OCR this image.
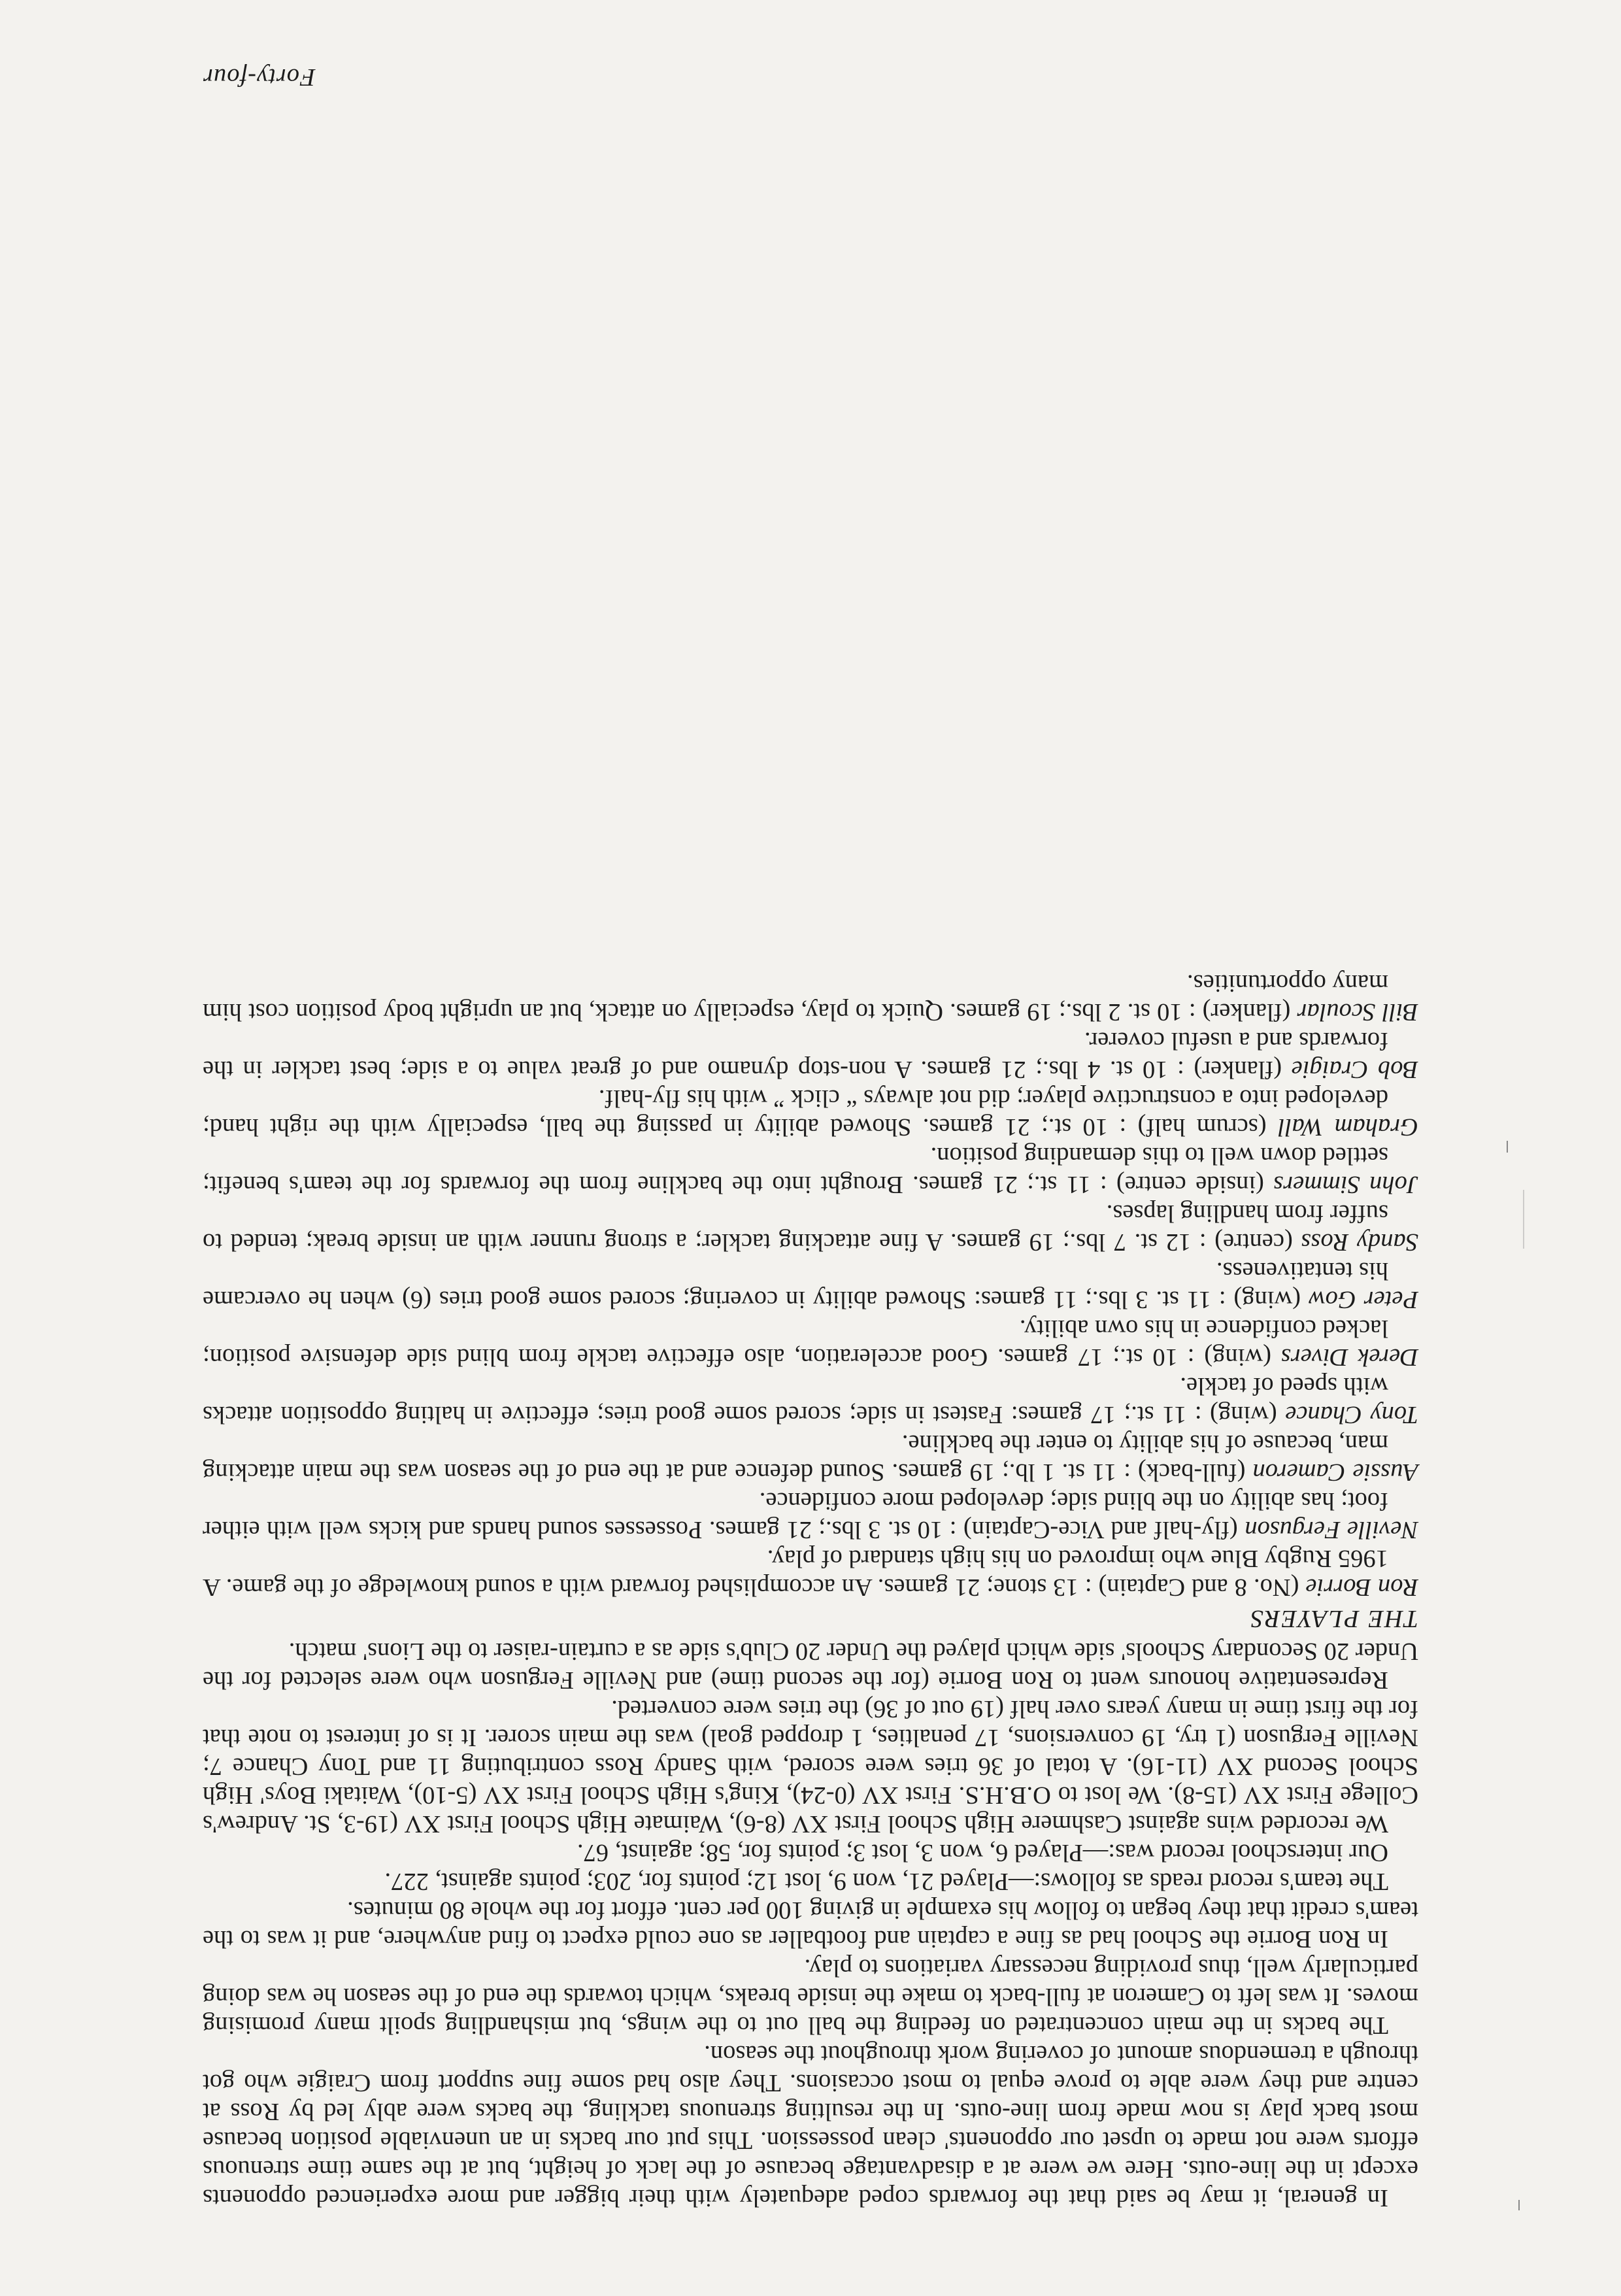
In general, it may be said that the forwards coped adequately with their bigger and more experienced opponents except in the line-outs. Here we were at a disadvantage because of the lack of height, but at the same time strenuous efforts were not made to upset our opponents' clean possession. This put our backs in an unenviable position because most back play is now made from line-outs. In the resulting strenuous tackling, the backs were ably led by Ross at centre and they were able to prove equal to most occasions. They also had some fine support from Craigie who got through a tremendous amount of covering work throughout the season.

The backs in the main concentrated on feeding the ball out to the wings, but mishandling spoilt many promising moves. It was left to Cameron at full-back to make the inside breaks, which towards the end of the season he was doing particularly well, thus providing necessary variations to play.

In Ron Borrie the School had as fine a captain and footballer as one could expect to find anywhere, and it was to the team's credit that they began to follow his example in giving 100 per cent. effort for the whole 80 minutes.

The team's record reads as follows:—Played 21, won 9, lost 12; points for, 203; points against, 227.

Our interschool record was:—Played 6, won 3, lost 3; points for, 58; against, 67.

We recorded wins against Cashmere High School First XV (8-6), Waimate High School First XV (19-3, St. Andrew's College First XV (15-8). We lost to O.B.H.S. First XV (0-24), King's High School First XV (5-10), Waitaki Boys' High School Second XV (11-16). A total of 36 tries were scored, with Sandy Ross contributing 11 and Tony Chance 7; Neville Ferguson (1 try, 19 conversions, 17 penalties, 1 dropped goal) was the main scorer. It is of interest to note that for the first time in many years over half (19 out of 36) the tries were converted.

Representative honours went to Ron Borrie (for the second time) and Neville Ferguson who were selected for the Under 20 Secondary Schools' side which played the Under 20 Club's side as a curtain-raiser to the Lions' match.

THE PLAYERS

Ron Borrie (No. 8 and Captain) : 13 stone; 21 games. An accomplished forward with a sound knowledge of the game. A 1965 Rugby Blue who improved on his high standard of play.

Neville Ferguson (fly-half and Vice-Captain) : 10 st. 3 lbs.; 21 games. Possesses sound hands and kicks well with either foot; has ability on the blind side; developed more confidence.

Aussie Cameron (full-back) : 11 st. 1 lb.; 19 games. Sound defence and at the end of the season was the main attacking man, because of his ability to enter the backline.

Tony Chance (wing) : 11 st.; 17 games: Fastest in side; scored some good tries; effective in halting opposition attacks with speed of tackle.

Derek Divers (wing) : 10 st.; 17 games. Good acceleration, also effective tackle from blind side defensive position; lacked confidence in his own ability.

Peter Gow (wing) : 11 st. 3 lbs.; 11 games: Showed ability in covering; scored some good tries (6) when he overcame his tentativeness.

Sandy Ross (centre) : 12 st. 7 lbs.; 19 games. A fine attacking tackler; a strong runner with an inside break; tended to suffer from handling lapses.

John Simmers (inside centre) : 11 st.; 21 games. Brought into the backline from the forwards for the team's benefit; settled down well to this demanding position.

Graham Wall (scrum half) : 10 st.; 21 games. Showed ability in passing the ball, especially with the right hand; developed into a constructive player; did not always “ click ” with his fly-half.

Bob Craigie (flanker) : 10 st. 4 lbs.; 21 games. A non-stop dynamo and of great value to a side; best tackler in the forwards and a useful coverer.

Bill Scoular (flanker) : 10 st. 2 lbs.; 19 games. Quick to play, especially on attack, but an upright body position cost him many opportunities.

Forty-four
